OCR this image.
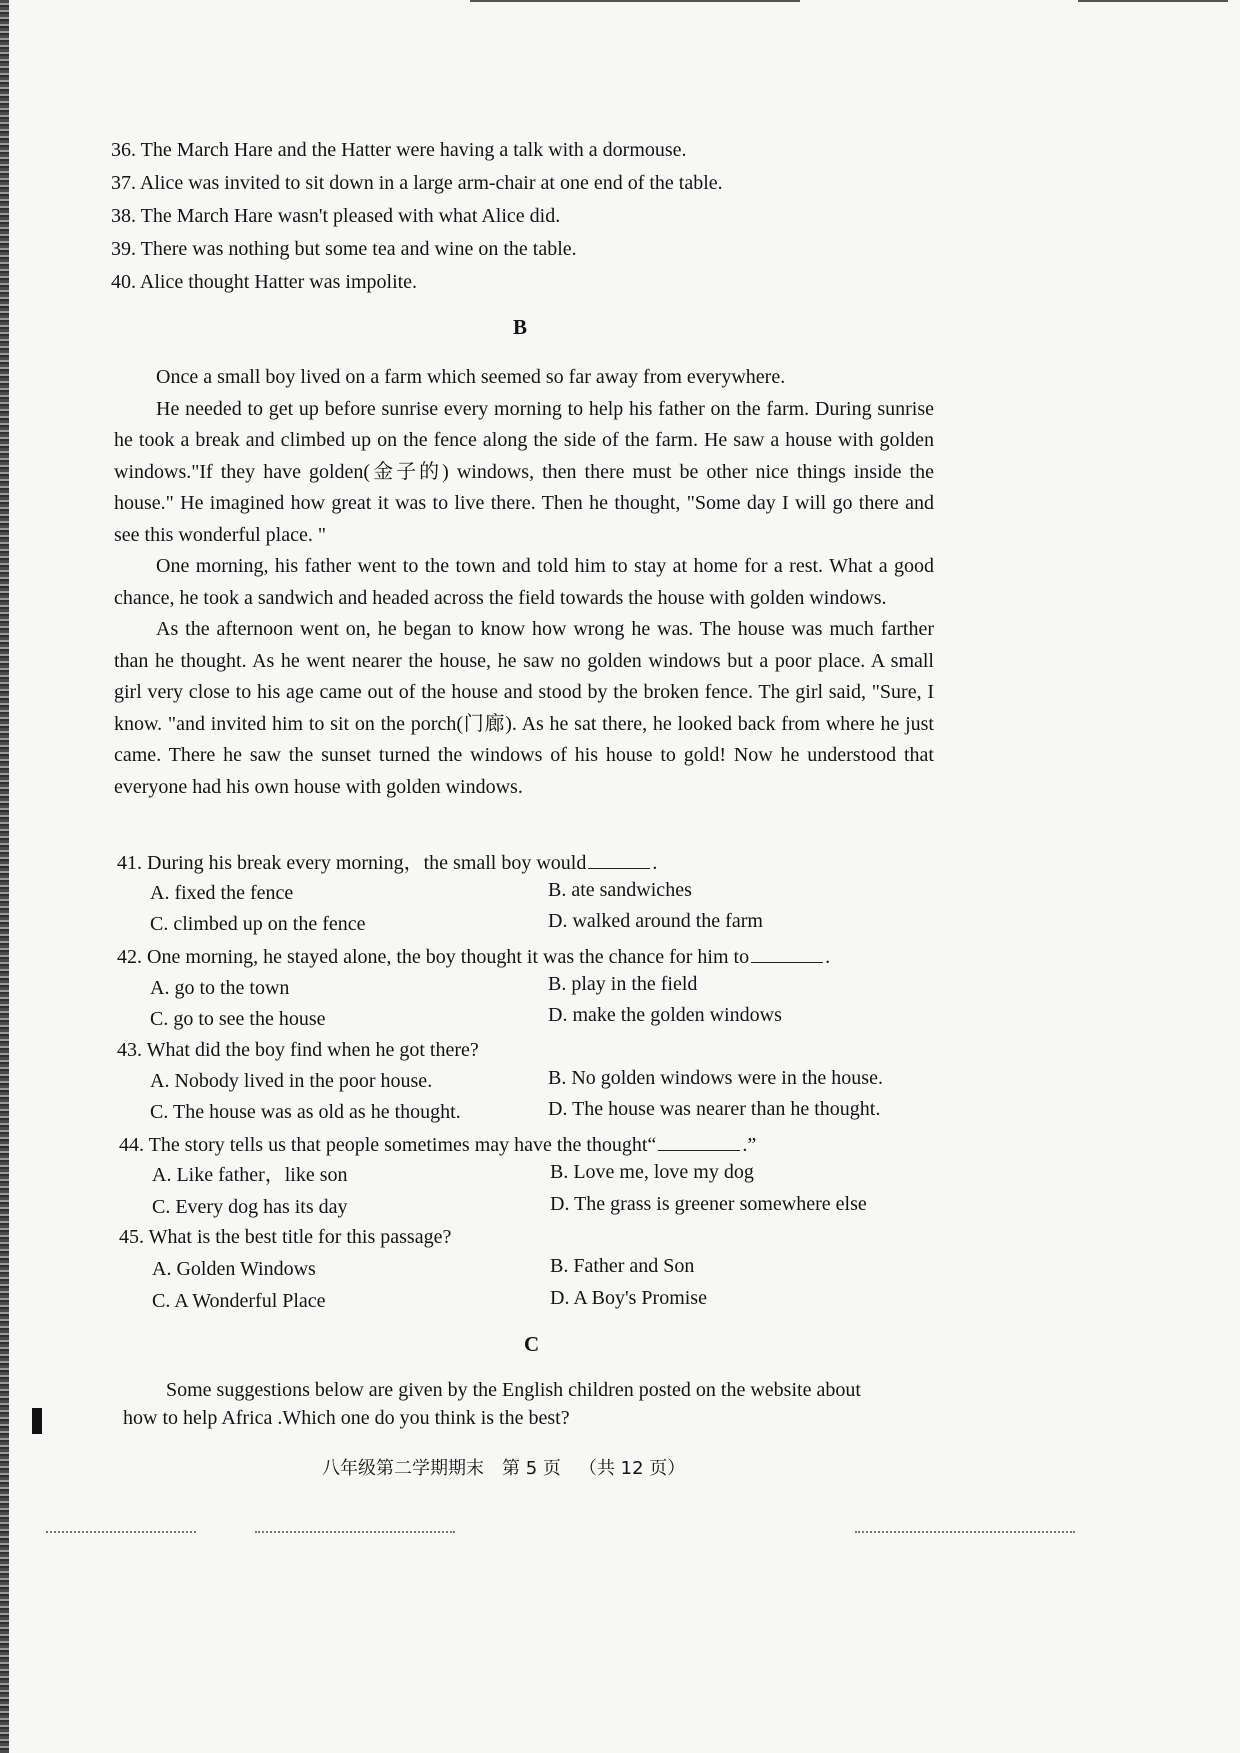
36. The March Hare and the Hatter were having a talk with a dormouse.
37. Alice was invited to sit down in a large arm-chair at one end of the table.
38. The March Hare wasn't pleased with what Alice did.
39. There was nothing but some tea and wine on the table.
40. Alice thought Hatter was impolite.
B

Once a small boy lived on a farm which seemed so far away from everywhere.

He needed to get up before sunrise every morning to help his father on the farm. During sunrise he took a break and climbed up on the fence along the side of the farm. He saw a house with golden windows."If they have golden(金子的) windows, then there must be other nice things inside the house." He imagined how great it was to live there. Then he thought, "Some day I will go there and see this wonderful place. "

One morning, his father went to the town and told him to stay at home for a rest. What a good chance, he took a sandwich and headed across the field towards the house with golden windows.

As the afternoon went on, he began to know how wrong he was. The house was much farther than he thought. As he went nearer the house, he saw no golden windows but a poor place. A small girl very close to his age came out of the house and stood by the broken fence. The girl said, "Sure, I know. "and invited him to sit on the porch(门廊). As he sat there, he looked back from where he just came. There he saw the sunset turned the windows of his house to gold! Now he understood that everyone had his own house with golden windows.

41. During his break every morning，the small boy would	.
A. fixed the fence	B. ate sandwiches
C. climbed up on the fence	D. walked around the farm
42. One morning, he stayed alone, the boy thought it was the chance for him to	.
A. go to the town	B. play in the field
C. go to see the house	D. make the golden windows
43. What did the boy find when he got there?
A. Nobody lived in the poor house.	B. No golden windows were in the house.
C. The house was as old as he thought.	D. The house was nearer than he thought.
44. The story tells us that people sometimes may have the thought“	.”
A. Like father，like son	B. Love me, love my dog
C. Every dog has its day	D. The grass is greener somewhere else
45. What is the best title for this passage?
A. Golden Windows	B. Father and Son
C. A Wonderful Place	D. A Boy's Promise
C
Some suggestions below are given by the English children posted on the website about
how to help Africa .Which one do you think is the best?
八年级第二学期期末 第 5 页 （共 12 页）
